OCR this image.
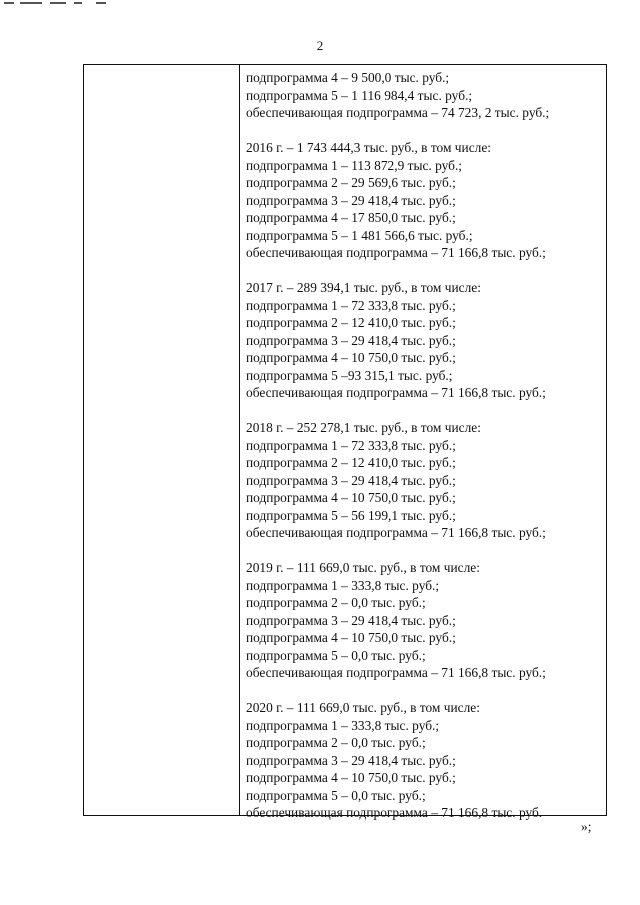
2
подпрограмма 4 – 9 500,0 тыс. руб.;
подпрограмма 5 – 1 116 984,4 тыс. руб.;
обеспечивающая подпрограмма – 74 723, 2 тыс. руб.;
2016 г. – 1 743 444,3 тыс. руб., в том числе:
подпрограмма 1 – 113 872,9 тыс. руб.;
подпрограмма 2 – 29 569,6 тыс. руб.;
подпрограмма 3 – 29 418,4 тыс. руб.;
подпрограмма 4 – 17 850,0 тыс. руб.;
подпрограмма 5 – 1 481 566,6 тыс. руб.;
обеспечивающая подпрограмма – 71 166,8 тыс. руб.;
2017 г. – 289 394,1 тыс. руб., в том числе:
подпрограмма 1 – 72 333,8 тыс. руб.;
подпрограмма 2 – 12 410,0 тыс. руб.;
подпрограмма 3 – 29 418,4 тыс. руб.;
подпрограмма 4 – 10 750,0 тыс. руб.;
подпрограмма 5 –93 315,1 тыс. руб.;
обеспечивающая подпрограмма – 71 166,8 тыс. руб.;
2018 г. – 252 278,1 тыс. руб., в том числе:
подпрограмма 1 – 72 333,8 тыс. руб.;
подпрограмма 2 – 12 410,0 тыс. руб.;
подпрограмма 3 – 29 418,4 тыс. руб.;
подпрограмма 4 – 10 750,0 тыс. руб.;
подпрограмма 5 – 56 199,1 тыс. руб.;
обеспечивающая подпрограмма – 71 166,8 тыс. руб.;
2019 г. – 111 669,0 тыс. руб., в том числе:
подпрограмма 1 – 333,8 тыс. руб.;
подпрограмма 2 – 0,0 тыс. руб.;
подпрограмма 3 – 29 418,4 тыс. руб.;
подпрограмма 4 – 10 750,0 тыс. руб.;
подпрограмма 5 – 0,0 тыс. руб.;
обеспечивающая подпрограмма – 71 166,8 тыс. руб.;
2020 г. – 111 669,0 тыс. руб., в том числе:
подпрограмма 1 – 333,8 тыс. руб.;
подпрограмма 2 – 0,0 тыс. руб.;
подпрограмма 3 – 29 418,4 тыс. руб.;
подпрограмма 4 – 10 750,0 тыс. руб.;
подпрограмма 5 – 0,0 тыс. руб.;
обеспечивающая подпрограмма – 71 166,8 тыс. руб.
»;
